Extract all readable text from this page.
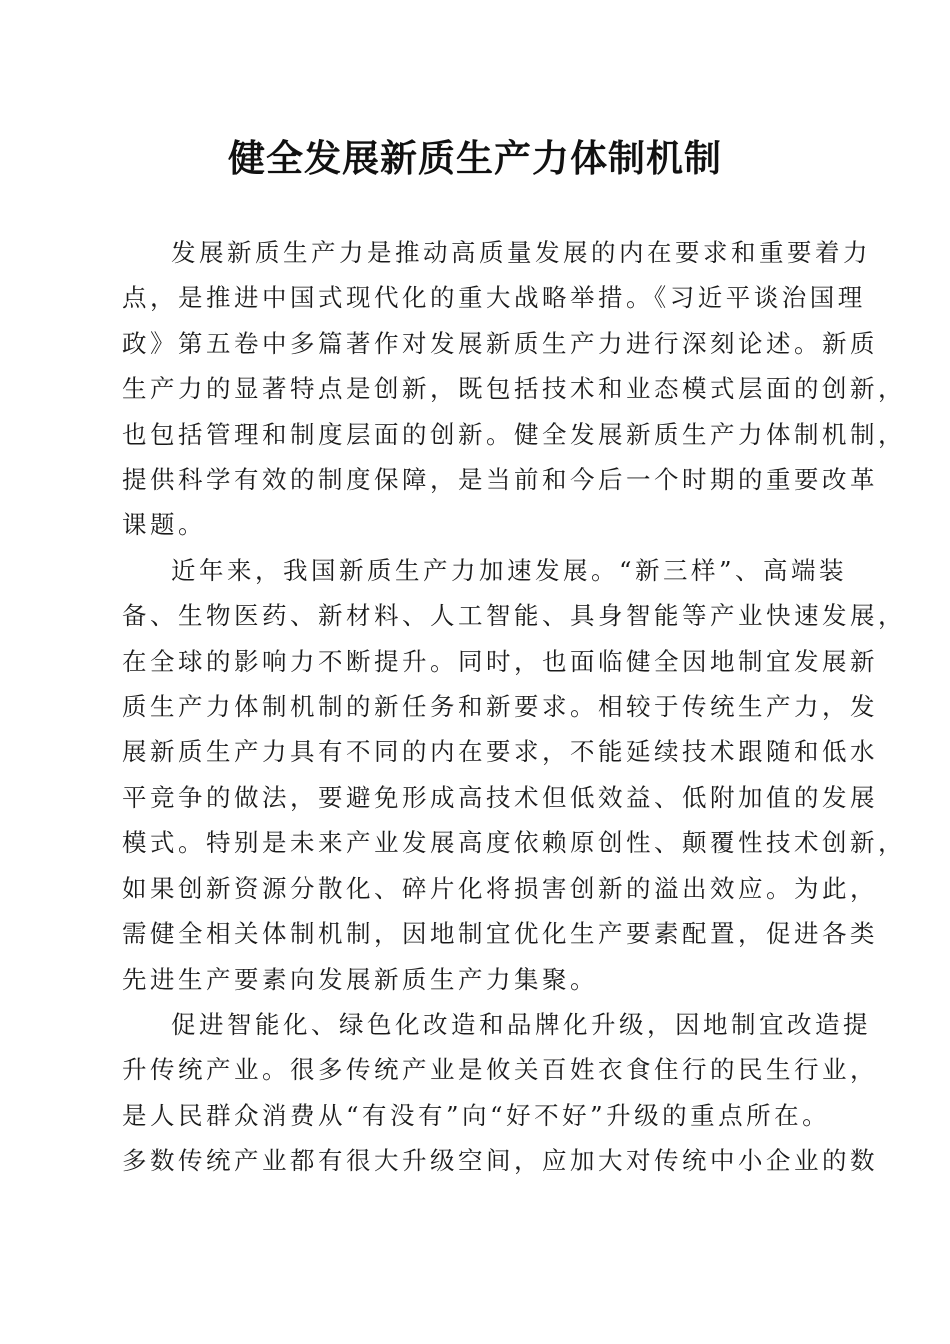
健全发展新质生产力体制机制
发展新质生产力是推动高质量发展的内在要求和重要着力
点，是推进中国式现代化的重大战略举措。《习近平谈治国理
政》第五卷中多篇著作对发展新质生产力进行深刻论述。新质
生产力的显著特点是创新，既包括技术和业态模式层面的创新，
也包括管理和制度层面的创新。健全发展新质生产力体制机制，
提供科学有效的制度保障，是当前和今后一个时期的重要改革
课题。
近年来，我国新质生产力加速发展。“新三样”、高端装
备、生物医药、新材料、人工智能、具身智能等产业快速发展，
在全球的影响力不断提升。同时，也面临健全因地制宜发展新
质生产力体制机制的新任务和新要求。相较于传统生产力，发
展新质生产力具有不同的内在要求，不能延续技术跟随和低水
平竞争的做法，要避免形成高技术但低效益、低附加值的发展
模式。特别是未来产业发展高度依赖原创性、颠覆性技术创新，
如果创新资源分散化、碎片化将损害创新的溢出效应。为此，
需健全相关体制机制，因地制宜优化生产要素配置，促进各类
先进生产要素向发展新质生产力集聚。
促进智能化、绿色化改造和品牌化升级，因地制宜改造提
升传统产业。很多传统产业是攸关百姓衣食住行的民生行业，
是人民群众消费从“有没有”向“好不好”升级的重点所在。
多数传统产业都有很大升级空间，应加大对传统中小企业的数
